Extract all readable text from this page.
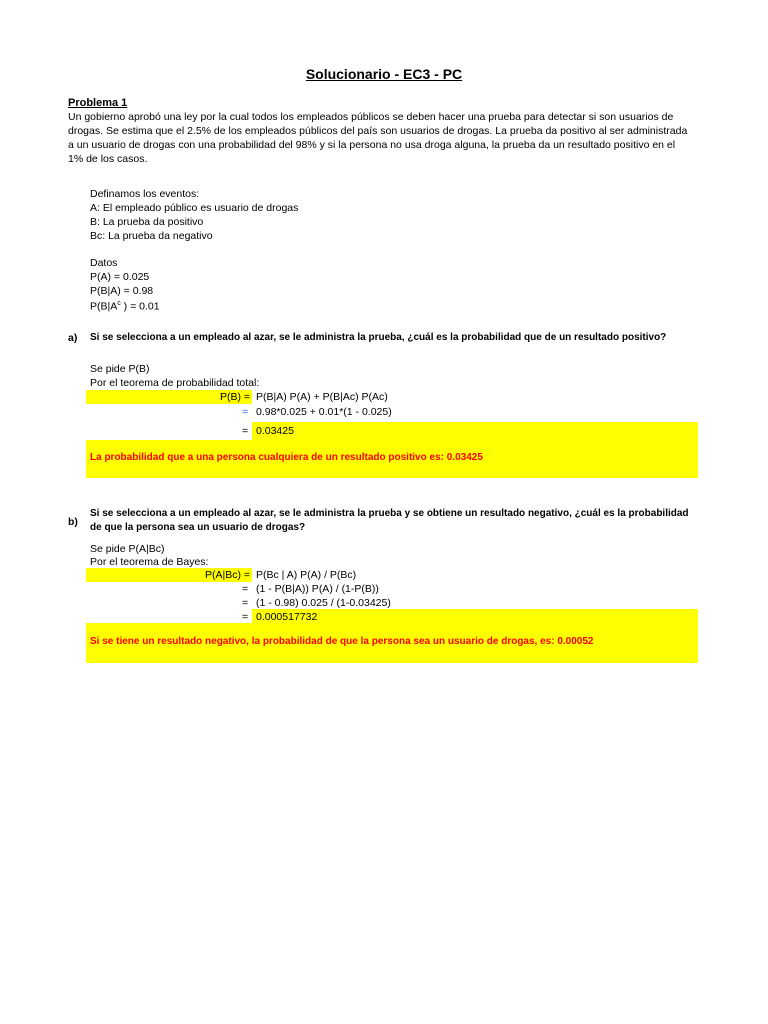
Solucionario - EC3 - PC
Problema 1
Un gobierno aprobó una ley por la cual todos los empleados públicos se deben hacer una prueba para detectar si son usuarios de drogas. Se estima que el 2.5% de los empleados públicos del país son usuarios de drogas. La prueba da positivo al ser administrada a un usuario de drogas con una probabilidad del 98% y si la persona no usa droga alguna, la prueba da un resultado positivo en el 1% de los casos.
Definamos los eventos:
A: El empleado público es usuario de drogas
B: La prueba da positivo
Bc: La prueba da negativo
Datos
P(A) = 0.025
P(B|A) = 0.98
$P(B|A^c$ ) = 0.01
a) Si se selecciona a un empleado al azar, se le administra la prueba, ¿cuál es la probabilidad que de un resultado positivo?
Se pide P(B)
Por el teorema de probabilidad total:
P(B) = P(B|A) P(A) + P(B|Ac) P(Ac)
= 0.98*0.025 + 0.01*(1 - 0.025)
= 0.03425
La probabilidad que a una persona cualquiera de un resultado positivo es: 0.03425
b)
Si se selecciona a un empleado al azar, se le administra la prueba y se obtiene un resultado negativo, ¿cuál es la probabilidad
de que la persona sea un usuario de drogas?
Se pide P(A|Bc)
Por el teorema de Bayes:
P(A|Bc) = P(Bc | A) P(A) / P(Bc)
= (1 - P(B|A)) P(A) / (1-P(B))
= (1 - 0.98) 0.025 / (1-0.03425)
= 0.000517732
Si se tiene un resultado negativo, la probabilidad de que la persona sea un usuario de drogas, es: 0.00052
